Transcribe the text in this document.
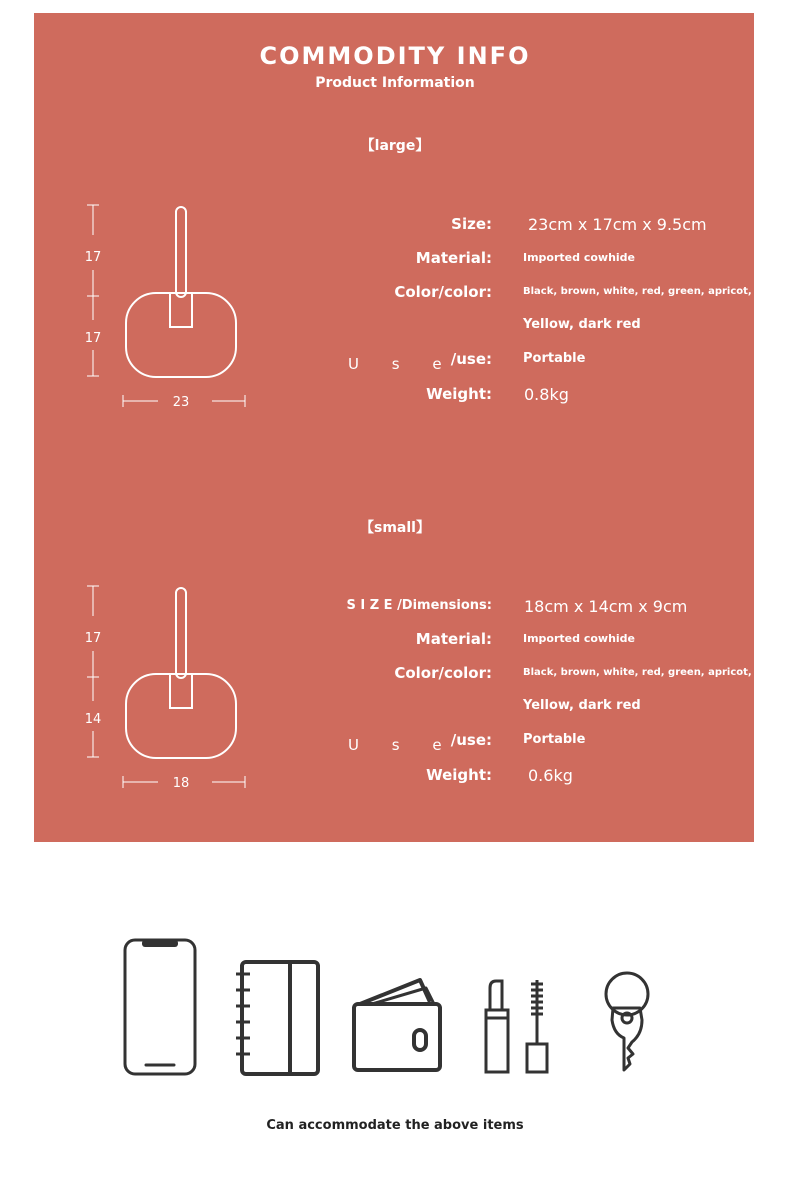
COMMODITY INFO
Product Information
【large】
17
17
23
Size: 23cm x 17cm x 9.5cm
Material:	Imported cowhide
Color/color:	Black, brown, white, red, green, apricot,
Yellow, dark red
U s e
/use: Portable
Weight: 0.8kg
【small】
17
14
18
S I Z E /Dimensions: 18cm x 14cm x 9cm
Material:	Imported cowhide
Color/color:	Black, brown, white, red, green, apricot,
Yellow, dark red
U s e
/use: Portable
Weight: 0.6kg
Can accommodate the above items
